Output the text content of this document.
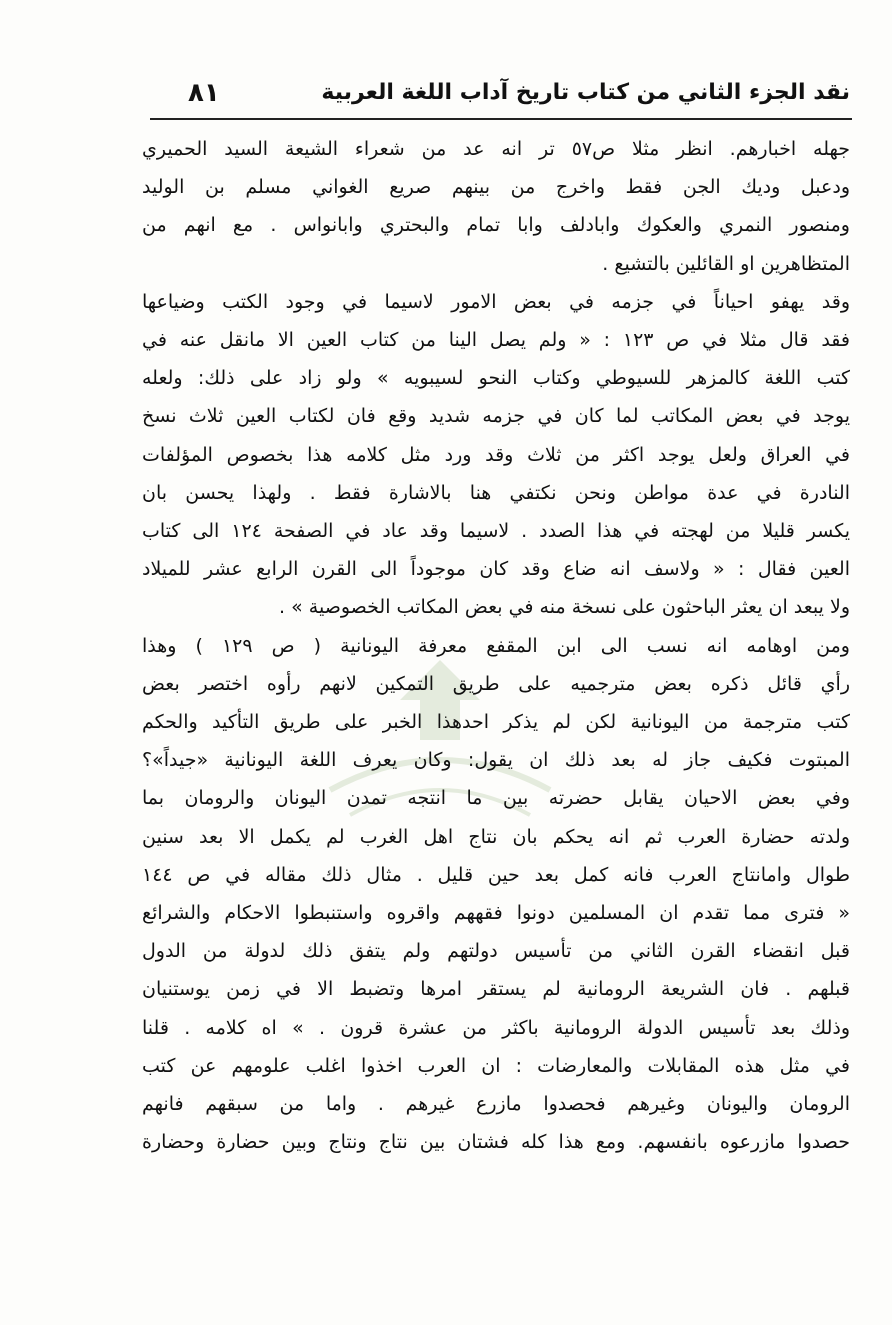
نقد الجزء الثاني من كتاب تاريخ آداب اللغة العربية
٨١
جهله اخبارهم. انظر مثلا ص٥٧ تر انه عد من شعراء الشيعة السيد الحميري
ودعبل وديك الجن فقط واخرج من بينهم صريع الغواني مسلم بن الوليد
ومنصور النمري والعكوك وابادلف وابا تمام والبحتري وابانواس . مع انهم من
المتظاهرين او القائلين بالتشيع .
وقد يهفو احياناً في جزمه في بعض الامور لاسيما في وجود الكتب وضياعها
فقد قال مثلا في ص ١٢٣ : « ولم يصل الينا من كتاب العين الا مانقل عنه في
كتب اللغة كالمزهر للسيوطي وكتاب النحو لسيبويه » ولو زاد على ذلك: ولعله
يوجد في بعض المكاتب لما كان في جزمه شديد وقع فان لكتاب العين ثلاث نسخ
في العراق ولعل يوجد اكثر من ثلاث وقد ورد مثل كلامه هذا بخصوص المؤلفات
النادرة في عدة مواطن ونحن نكتفي هنا بالاشارة فقط . ولهذا يحسن بان
يكسر قليلا من لهجته في هذا الصدد . لاسيما وقد عاد في الصفحة ١٢٤ الى كتاب
العين فقال : « ولاسف انه ضاع وقد كان موجوداً الى القرن الرابع عشر للميلاد
ولا يبعد ان يعثر الباحثون على نسخة منه في بعض المكاتب الخصوصية » .
ومن اوهامه انه نسب الى ابن المقفع معرفة اليونانية ( ص ١٢٩ ) وهذا
رأي قائل ذكره بعض مترجميه على طريق التمكين لانهم رأوه اختصر بعض
كتب مترجمة من اليونانية لكن لم يذكر احدهذا الخبر على طريق التأكيد والحكم
المبتوت فكيف جاز له بعد ذلك ان يقول: وكان يعرف اللغة اليونانية «جيداً»؟
وفي بعض الاحيان يقابل حضرته بين ما انتجه تمدن اليونان والرومان بما
ولدته حضارة العرب ثم انه يحكم بان نتاج اهل الغرب لم يكمل الا بعد سنين
طوال وامانتاج العرب فانه كمل بعد حين قليل . مثال ذلك مقاله في ص ١٤٤
« فترى مما تقدم ان المسلمين دونوا فقههم واقروه واستنبطوا الاحكام والشرائع
قبل انقضاء القرن الثاني من تأسيس دولتهم ولم يتفق ذلك لدولة من الدول
قبلهم . فان الشريعة الرومانية لم يستقر امرها وتضبط الا في زمن يوستنيان
وذلك بعد تأسيس الدولة الرومانية باكثر من عشرة قرون . » اه كلامه . قلنا
في مثل هذه المقابلات والمعارضات : ان العرب اخذوا اغلب علومهم عن كتب
الرومان واليونان وغيرهم فحصدوا مازرع غيرهم . واما من سبقهم فانهم
حصدوا مازرعوه بانفسهم. ومع هذا كله فشتان بين نتاج ونتاج وبين حضارة وحضارة
